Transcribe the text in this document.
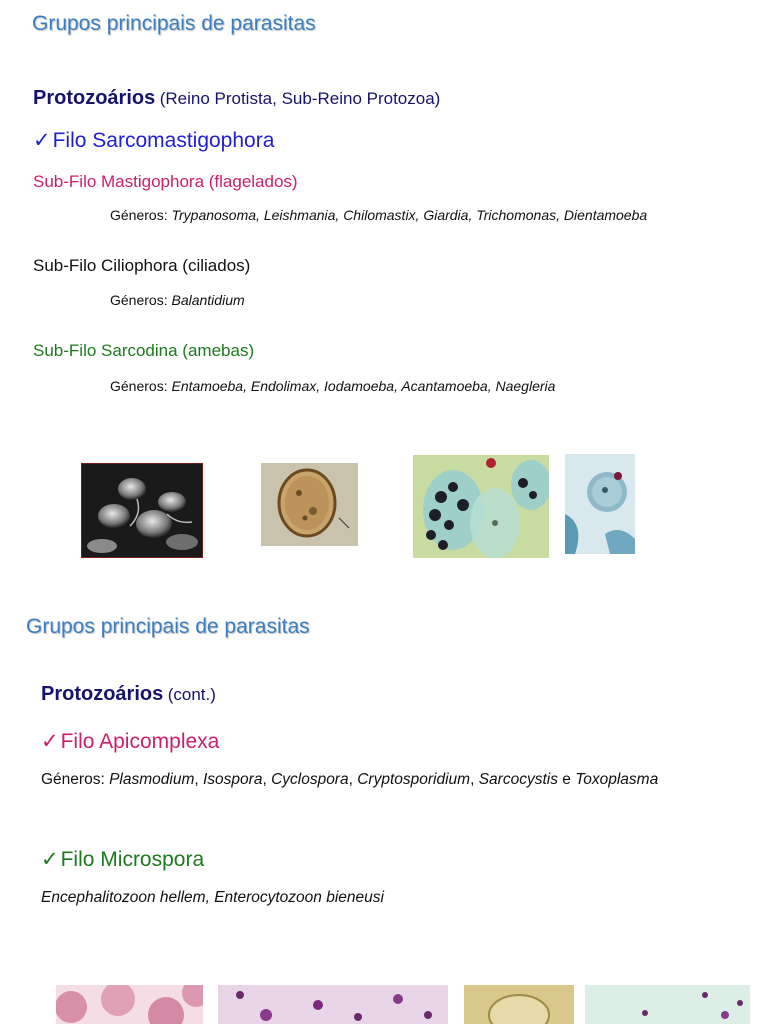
Grupos principais de parasitas
Protozoários (Reino Protista, Sub-Reino Protozoa)
✓Filo Sarcomastigophora
Sub-Filo Mastigophora (flagelados)
Géneros: Trypanosoma, Leishmania, Chilomastix, Giardia, Trichomonas, Dientamoeba
Sub-Filo Ciliophora (ciliados)
Géneros: Balantidium
Sub-Filo Sarcodina (amebas)
Géneros: Entamoeba, Endolimax, Iodamoeba, Acantamoeba, Naegleria
Grupos principais de parasitas
Protozoários (cont.)
✓Filo Apicomplexa
Géneros: Plasmodium, Isospora, Cyclospora, Cryptosporidium, Sarcocystis e Toxoplasma
✓Filo Microspora
Encephalitozoon hellem, Enterocytozoon bieneusi
